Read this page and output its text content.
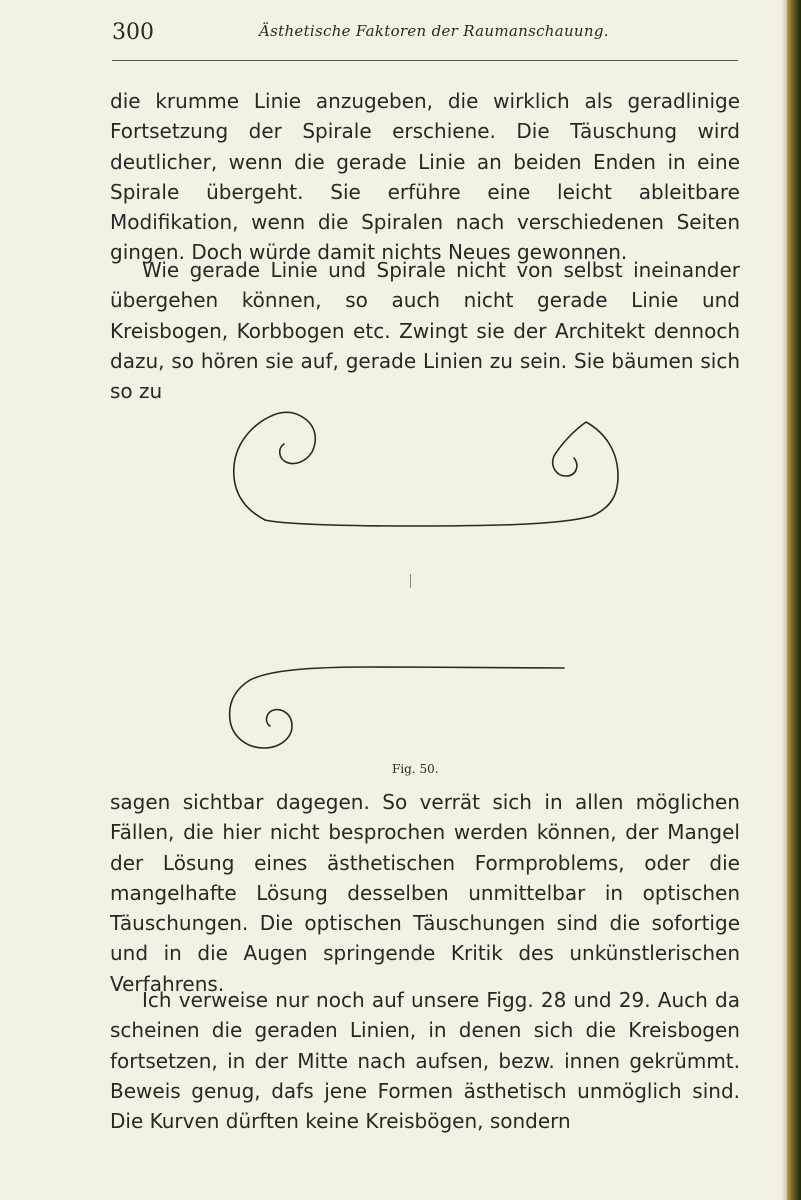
300	Ästhetische Faktoren der Raumanschauung.

die krumme Linie anzugeben, die wirklich als geradlinige Fortsetzung der Spirale erschiene. Die Täuschung wird deutlicher, wenn die gerade Linie an beiden Enden in eine Spirale übergeht. Sie erführe eine leicht ableitbare Modifikation, wenn die Spiralen nach verschiedenen Seiten gingen. Doch würde damit nichts Neues gewonnen.

Wie gerade Linie und Spirale nicht von selbst ineinander übergehen können, so auch nicht gerade Linie und Kreisbogen, Korbbogen etc. Zwingt sie der Architekt dennoch dazu, so hören sie auf, gerade Linien zu sein. Sie bäumen sich so zu

Fig. 50.

sagen sichtbar dagegen. So verrät sich in allen möglichen Fällen, die hier nicht besprochen werden können, der Mangel der Lösung eines ästhetischen Formproblems, oder die mangelhafte Lösung desselben unmittelbar in optischen Täuschungen. Die optischen Täuschungen sind die sofortige und in die Augen springende Kritik des unkünstlerischen Verfahrens.

Ich verweise nur noch auf unsere Figg. 28 und 29. Auch da scheinen die geraden Linien, in denen sich die Kreisbogen fortsetzen, in der Mitte nach aufsen, bezw. innen gekrümmt. Beweis genug, dafs jene Formen ästhetisch unmöglich sind. Die Kurven dürften keine Kreisbögen, sondern
